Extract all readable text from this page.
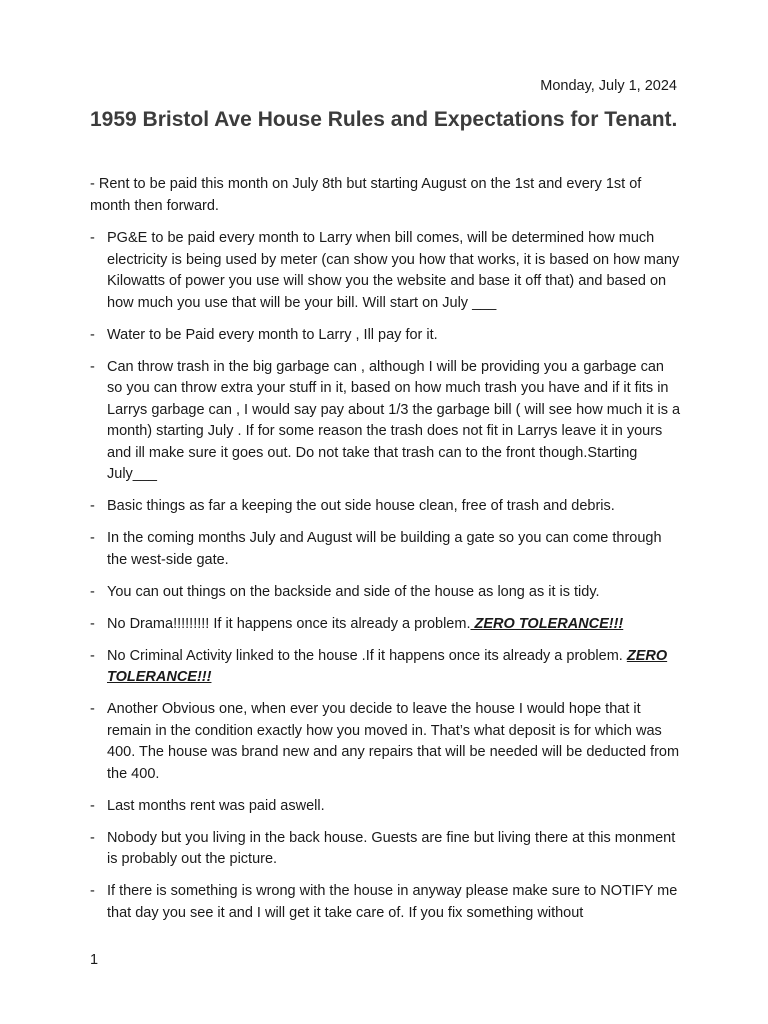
Monday, July 1, 2024
1959 Bristol Ave House Rules and Expectations for Tenant.

- Rent to be paid this month on July 8th but starting August on the 1st and every 1st of month then forward.

- PG&E to be paid every month to Larry when bill comes, will be determined how much electricity is being used by meter (can show you how that works, it is based on how many Kilowatts of power you use will show you the website and base it off that) and based on how much you use that will be your bill. Will start on July ___
- Water to be Paid every month to Larry , Ill pay for it.
- Can throw trash in the big garbage can , although I will be providing you a garbage can so you can throw extra your stuff in it, based on how much trash you have and if it fits in Larrys garbage can , I would say pay about 1/3 the garbage bill ( will see how much it is a month) starting July . If for some reason the trash does not fit in Larrys leave it in yours and ill make sure it goes out. Do not take that trash can to the front though.Starting July___
- Basic things as far a keeping the out side house clean, free of trash and debris.
- In the coming months July and August will be building a gate so you can come through the west-side gate.
- You can out things on the backside and side of the house as long as it is tidy.
- No Drama!!!!!!!!! If it happens once its already a problem. ZERO TOLERANCE!!!
- No Criminal Activity linked to the house .If it happens once its already a problem. ZERO TOLERANCE!!!
- Another Obvious one, when ever you decide to leave the house I would hope that it remain in the condition exactly how you moved in. That’s what deposit is for which was 400. The house was brand new and any repairs that will be needed will be deducted from the 400.
- Last months rent was paid aswell.
- Nobody but you living in the back house. Guests are fine but living there at this monment is probably out the picture.
- If there is something is wrong with the house in anyway please make sure to NOTIFY me that day you see it and I will get it take care of. If you fix something without
1
